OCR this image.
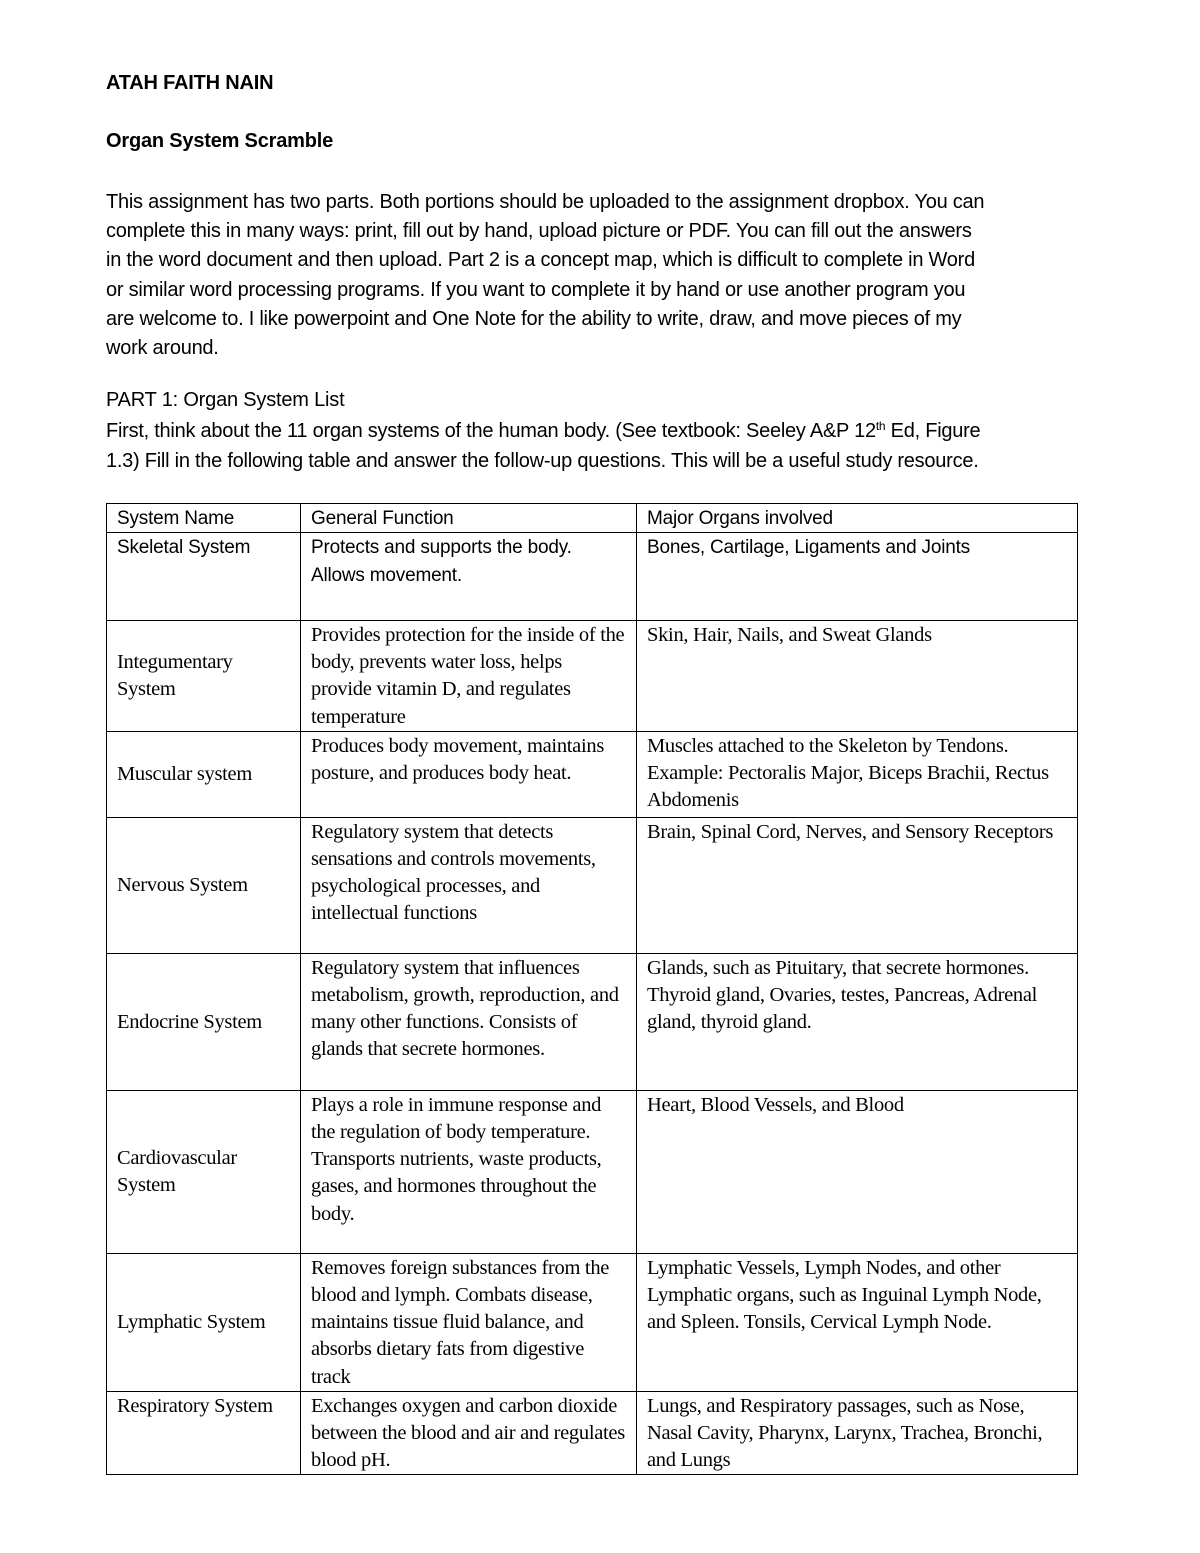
ATAH FAITH NAIN
Organ System Scramble
This assignment has two parts. Both portions should be uploaded to the assignment dropbox. You can
complete this in many ways: print, fill out by hand, upload picture or PDF. You can fill out the answers
in the word document and then upload. Part 2 is a concept map, which is difficult to complete in Word
or similar word processing programs. If you want to complete it by hand or use another program you
are welcome to. I like powerpoint and One Note for the ability to write, draw, and move pieces of my
work around.
PART 1: Organ System List
First, think about the 11 organ systems of the human body. (See textbook: Seeley A&P 12th Ed, Figure
1.3) Fill in the following table and answer the follow-up questions. This will be a useful study resource.
System Name	General Function	Major Organs involved
Skeletal System	Protects and supports the body. Allows movement.	Bones, Cartilage, Ligaments and Joints
Integumentary System	Provides protection for the inside of the body, prevents water loss, helps provide vitamin D, and regulates temperature	Skin, Hair, Nails, and Sweat Glands
Muscular system	Produces body movement, maintains posture, and produces body heat.	Muscles attached to the Skeleton by Tendons. Example: Pectoralis Major, Biceps Brachii, Rectus Abdomenis
Nervous System	Regulatory system that detects sensations and controls movements, psychological processes, and intellectual functions	Brain, Spinal Cord, Nerves, and Sensory Receptors
Endocrine System	Regulatory system that influences metabolism, growth, reproduction, and many other functions. Consists of glands that secrete hormones.	Glands, such as Pituitary, that secrete hormones. Thyroid gland, Ovaries, testes, Pancreas, Adrenal gland, thyroid gland.
Cardiovascular System	Plays a role in immune response and the regulation of body temperature. Transports nutrients, waste products, gases, and hormones throughout the body.	Heart, Blood Vessels, and Blood
Lymphatic System	Removes foreign substances from the blood and lymph. Combats disease, maintains tissue fluid balance, and absorbs dietary fats from digestive track	Lymphatic Vessels, Lymph Nodes, and other Lymphatic organs, such as Inguinal Lymph Node, and Spleen. Tonsils, Cervical Lymph Node.
Respiratory System	Exchanges oxygen and carbon dioxide between the blood and air and regulates blood pH.	Lungs, and Respiratory passages, such as Nose, Nasal Cavity, Pharynx, Larynx, Trachea, Bronchi, and Lungs
